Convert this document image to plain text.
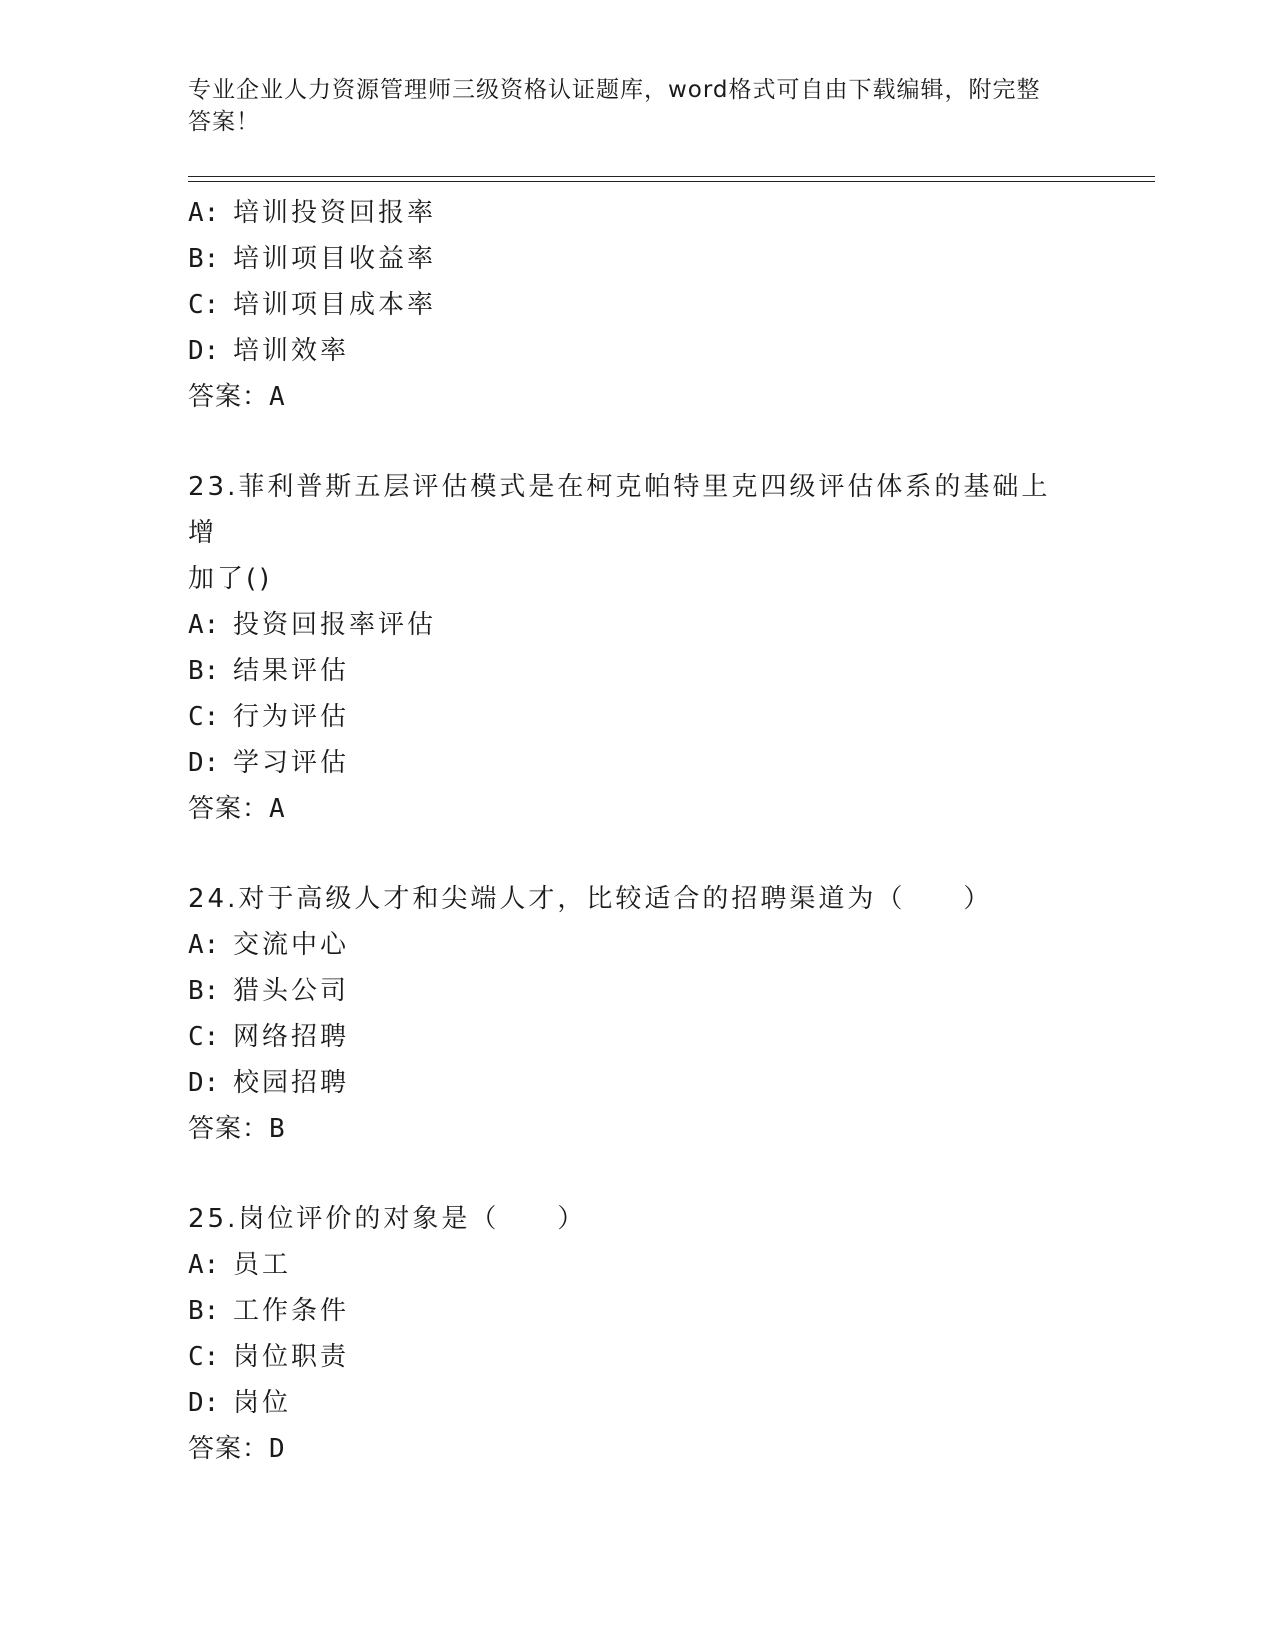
专业企业人力资源管理师三级资格认证题库，word格式可自由下载编辑，附完整
答案！
A: 培训投资回报率
B: 培训项目收益率
C: 培训项目成本率
D: 培训效率
答案：A
23.菲利普斯五层评估模式是在柯克帕特里克四级评估体系的基础上增
加了()
A: 投资回报率评估
B: 结果评估
C: 行为评估
D: 学习评估
答案：A
24.对于高级人才和尖端人才，比较适合的招聘渠道为（　　）
A: 交流中心
B: 猎头公司
C: 网络招聘
D: 校园招聘
答案：B
25.岗位评价的对象是（　　）
A: 员工
B: 工作条件
C: 岗位职责
D: 岗位
答案：D
